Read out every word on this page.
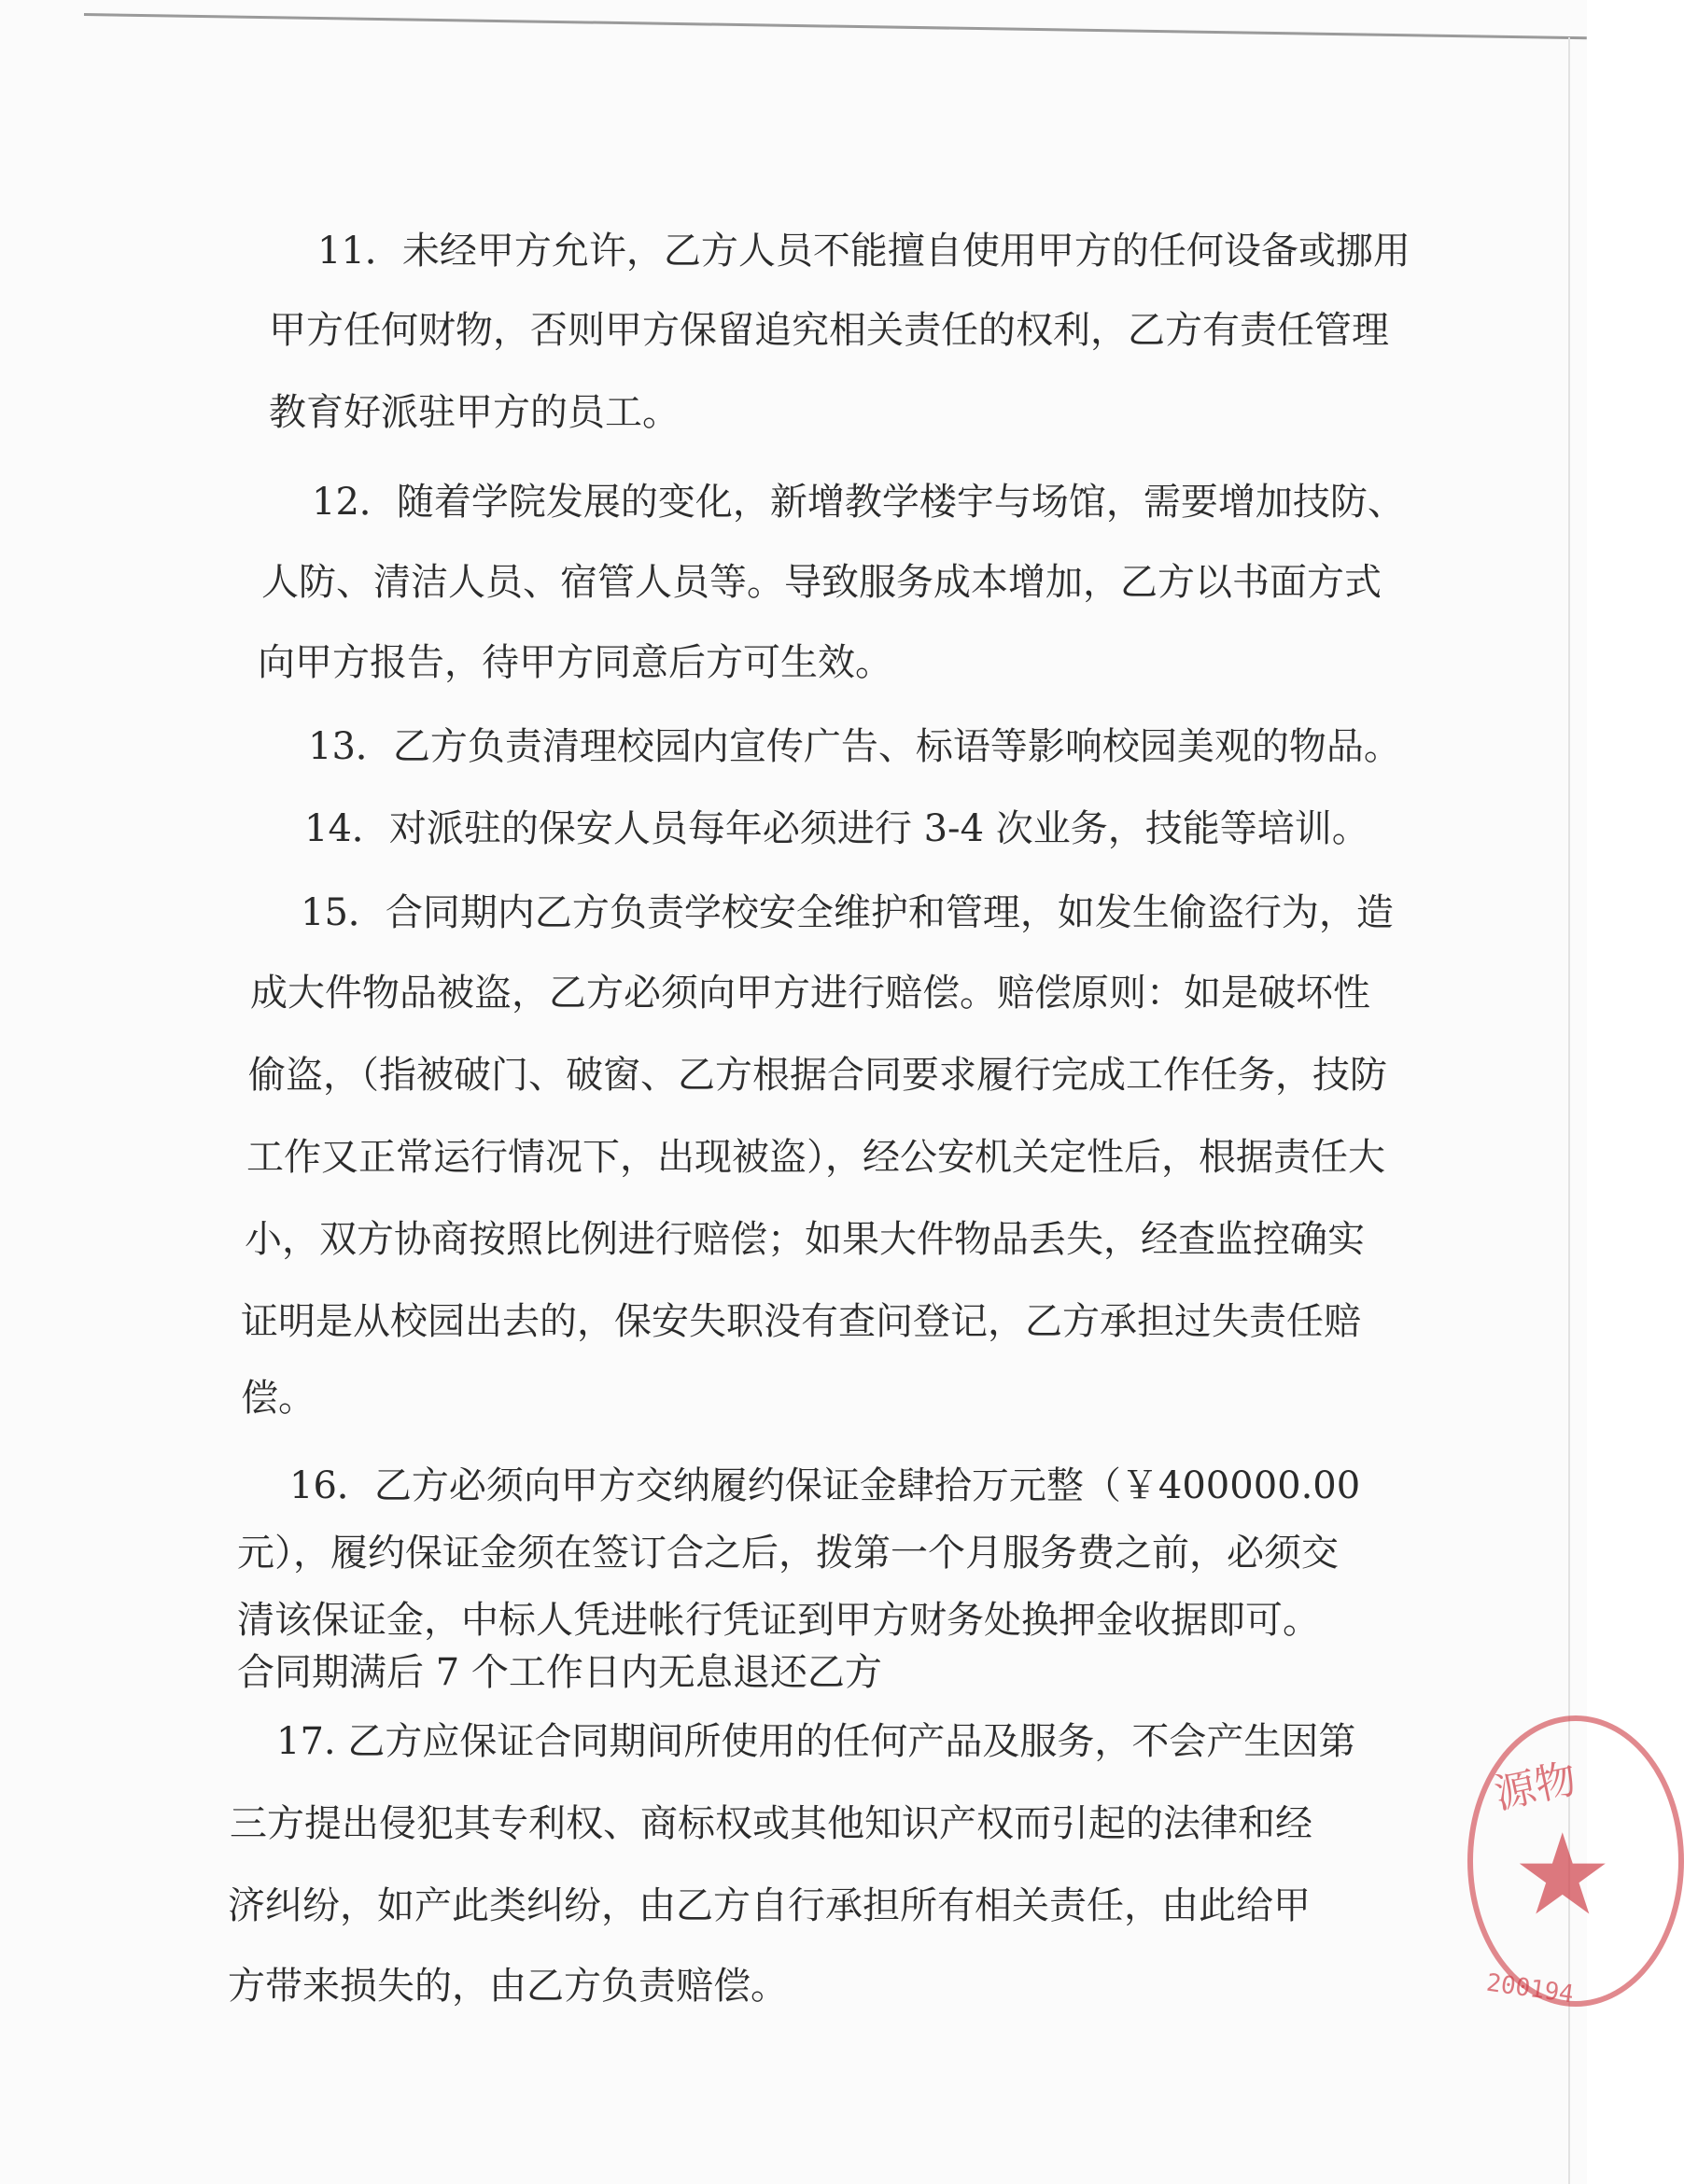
11．未经甲方允许，乙方人员不能擅自使用甲方的任何设备或挪用

甲方任何财物，否则甲方保留追究相关责任的权利，乙方有责任管理

教育好派驻甲方的员工。

12．随着学院发展的变化，新增教学楼宇与场馆，需要增加技防、

人防、清洁人员、宿管人员等。导致服务成本增加，乙方以书面方式

向甲方报告，待甲方同意后方可生效。

13．乙方负责清理校园内宣传广告、标语等影响校园美观的物品。

14．对派驻的保安人员每年必须进行 3-4 次业务，技能等培训。

15．合同期内乙方负责学校安全维护和管理，如发生偷盗行为，造

成大件物品被盗，乙方必须向甲方进行赔偿。赔偿原则：如是破坏性

偷盗，（指被破门、破窗、乙方根据合同要求履行完成工作任务，技防

工作又正常运行情况下，出现被盗），经公安机关定性后，根据责任大

小，双方协商按照比例进行赔偿；如果大件物品丢失，经查监控确实

证明是从校园出去的，保安失职没有查问登记，乙方承担过失责任赔

偿。

16．乙方必须向甲方交纳履约保证金肆拾万元整（￥400000.00

元），履约保证金须在签订合之后，拨第一个月服务费之前，必须交

清该保证金，中标人凭进帐行凭证到甲方财务处换押金收据即可。

合同期满后 7 个工作日内无息退还乙方

17. 乙方应保证合同期间所使用的任何产品及服务，不会产生因第

三方提出侵犯其专利权、商标权或其他知识产权而引起的法律和经

济纠纷，如产此类纠纷，由乙方自行承担所有相关责任，由此给甲

方带来损失的，由乙方负责赔偿。

源物
★
200194
